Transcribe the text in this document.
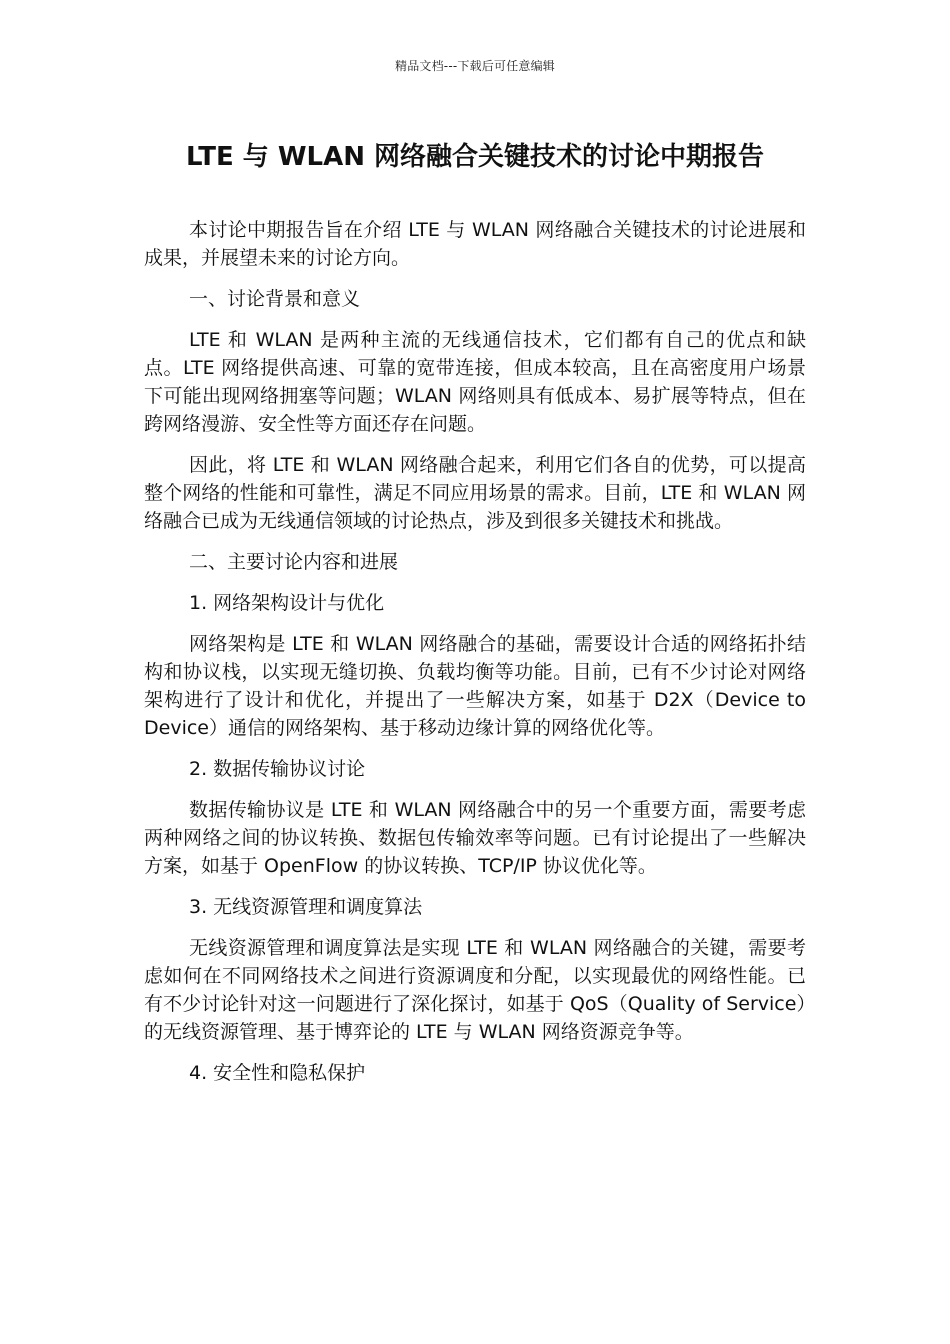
精品文档---下载后可任意编辑
LTE 与 WLAN 网络融合关键技术的讨论中期报告

本讨论中期报告旨在介绍 LTE 与 WLAN 网络融合关键技术的讨论进展和成果，并展望未来的讨论方向。

一、讨论背景和意义

LTE 和 WLAN 是两种主流的无线通信技术，它们都有自己的优点和缺点。LTE 网络提供高速、可靠的宽带连接，但成本较高，且在高密度用户场景下可能出现网络拥塞等问题；WLAN 网络则具有低成本、易扩展等特点，但在跨网络漫游、安全性等方面还存在问题。

因此，将 LTE 和 WLAN 网络融合起来，利用它们各自的优势，可以提高整个网络的性能和可靠性，满足不同应用场景的需求。目前，LTE 和 WLAN 网络融合已成为无线通信领域的讨论热点，涉及到很多关键技术和挑战。

二、主要讨论内容和进展

1. 网络架构设计与优化

网络架构是 LTE 和 WLAN 网络融合的基础，需要设计合适的网络拓扑结构和协议栈，以实现无缝切换、负载均衡等功能。目前，已有不少讨论对网络架构进行了设计和优化，并提出了一些解决方案，如基于 D2X（Device to Device）通信的网络架构、基于移动边缘计算的网络优化等。

2. 数据传输协议讨论

数据传输协议是 LTE 和 WLAN 网络融合中的另一个重要方面，需要考虑两种网络之间的协议转换、数据包传输效率等问题。已有讨论提出了一些解决方案，如基于 OpenFlow 的协议转换、TCP/IP 协议优化等。

3. 无线资源管理和调度算法

无线资源管理和调度算法是实现 LTE 和 WLAN 网络融合的关键，需要考虑如何在不同网络技术之间进行资源调度和分配，以实现最优的网络性能。已有不少讨论针对这一问题进行了深化探讨，如基于 QoS（Quality of Service）的无线资源管理、基于博弈论的 LTE 与 WLAN 网络资源竞争等。

4. 安全性和隐私保护
